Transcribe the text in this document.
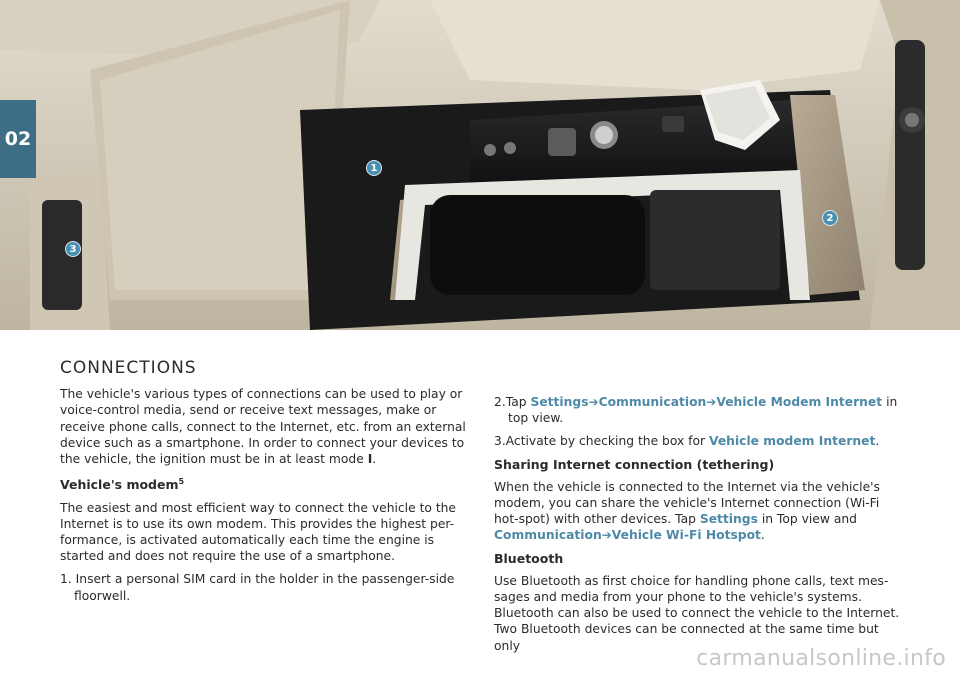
02
1
2
3
CONNECTIONS

The vehicle's various types of connections can be used to play or voice-control media, send or receive text messages, make or receive phone calls, connect to the Internet, etc. from an external device such as a smartphone. In order to connect your devices to the vehicle, the ignition must be in at least mode I.

Vehicle's modem$^5$

The easiest and most efficient way to connect the vehicle to the Internet is to use its own modem. This provides the highest per-formance, is activated automatically each time the engine is started and does not require the use of a smartphone.

1. Insert a personal SIM card in the holder in the passenger-side floorwell.
2.Tap Settings➔Communication➔Vehicle Modem Internet in top view.
3.Activate by checking the box for Vehicle modem Internet.
Sharing Internet connection (tethering)

When the vehicle is connected to the Internet via the vehicle's modem, you can share the vehicle's Internet connection (Wi-Fi hot-spot) with other devices. Tap Settings in Top view and Communication➔Vehicle Wi-Fi Hotspot.

Bluetooth

Use Bluetooth as first choice for handling phone calls, text mes-sages and media from your phone to the vehicle's systems. Bluetooth can also be used to connect the vehicle to the Internet. Two Bluetooth devices can be connected at the same time but only

carmanualsonline.info
